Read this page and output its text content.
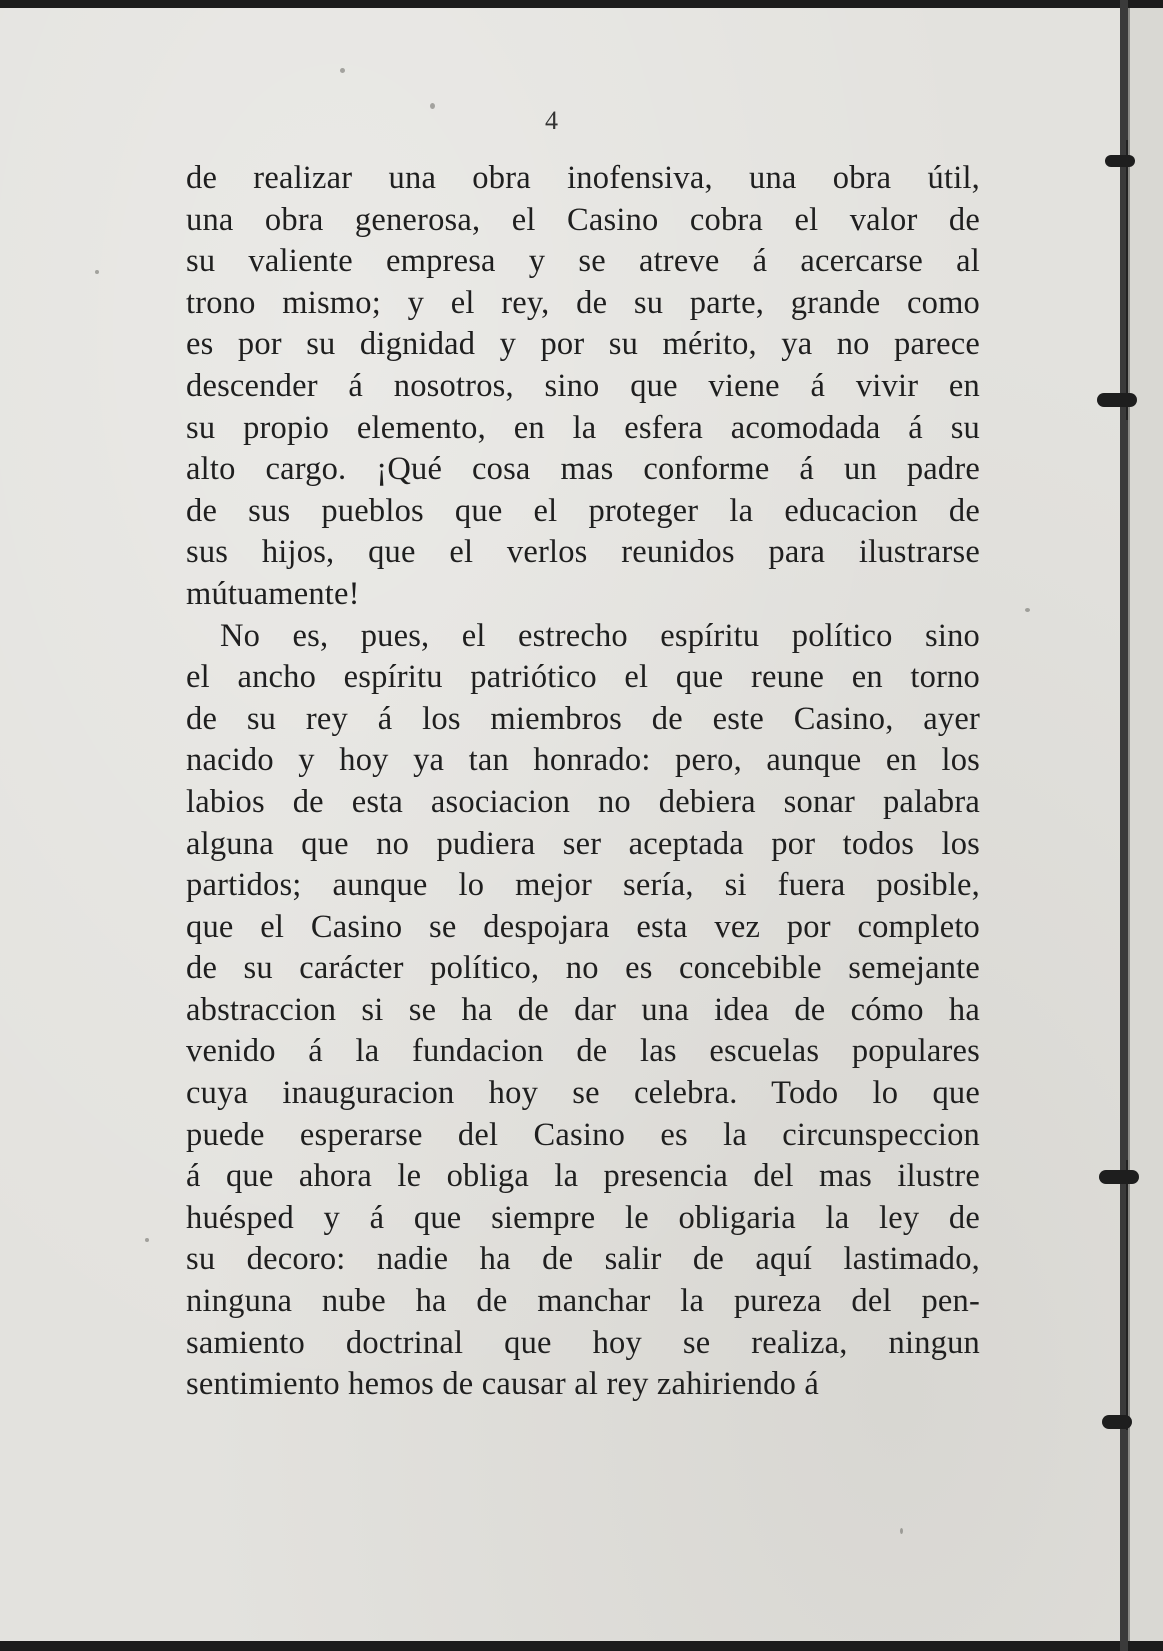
4
de realizar una obra inofensiva, una obra útil,
una obra generosa, el Casino cobra el valor de
su valiente empresa y se atreve á acercarse al
trono mismo; y el rey, de su parte, grande como
es por su dignidad y por su mérito, ya no parece
descender á nosotros, sino que viene á vivir en
su propio elemento, en la esfera acomodada á su
alto cargo. ¡Qué cosa mas conforme á un padre
de sus pueblos que el proteger la educacion de
sus hijos, que el verlos reunidos para ilustrarse
mútuamente!
No es, pues, el estrecho espíritu político sino
el ancho espíritu patriótico el que reune en torno
de su rey á los miembros de este Casino, ayer
nacido y hoy ya tan honrado: pero, aunque en los
labios de esta asociacion no debiera sonar palabra
alguna que no pudiera ser aceptada por todos los
partidos; aunque lo mejor sería, si fuera posible,
que el Casino se despojara esta vez por completo
de su carácter político, no es concebible semejante
abstraccion si se ha de dar una idea de cómo ha
venido á la fundacion de las escuelas populares
cuya inauguracion hoy se celebra. Todo lo que
puede esperarse del Casino es la circunspeccion
á que ahora le obliga la presencia del mas ilustre
huésped y á que siempre le obligaria la ley de
su decoro: nadie ha de salir de aquí lastimado,
ninguna nube ha de manchar la pureza del pen-
samiento doctrinal que hoy se realiza, ningun
sentimiento hemos de causar al rey zahiriendo á
